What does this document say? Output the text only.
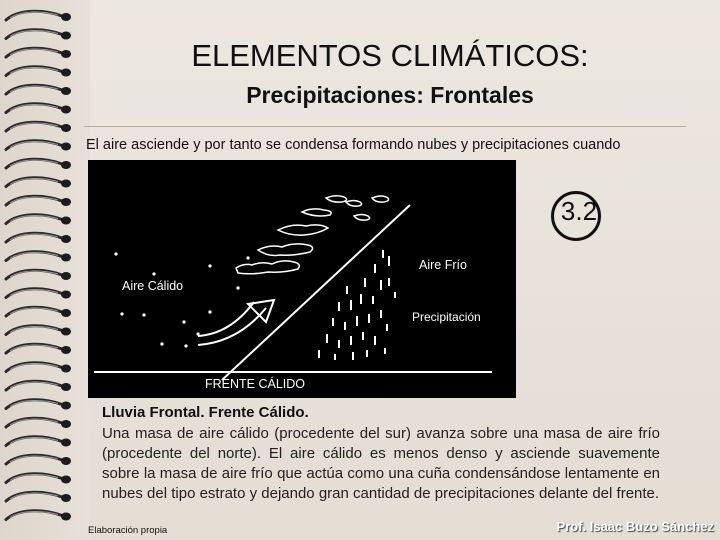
ELEMENTOS CLIMÁTICOS:
Precipitaciones: Frontales
El aire asciende y por tanto se condensa formando nubes y precipitaciones cuando
Aire Cálido
Aire Frío
Precipitación
FRENTE CÁLIDO
3.2
Lluvia Frontal. Frente Cálido.
Una masa de aire cálido (procedente del sur) avanza sobre una masa de aire frío (procedente del norte). El aire cálido es menos denso y asciende suavemente sobre la masa de aire frío que actúa como una cuña condensándose lentamente en nubes del tipo estrato y dejando gran cantidad de precipitaciones delante del frente.
Elaboración propia	Prof. Isaac Buzo Sánchez
